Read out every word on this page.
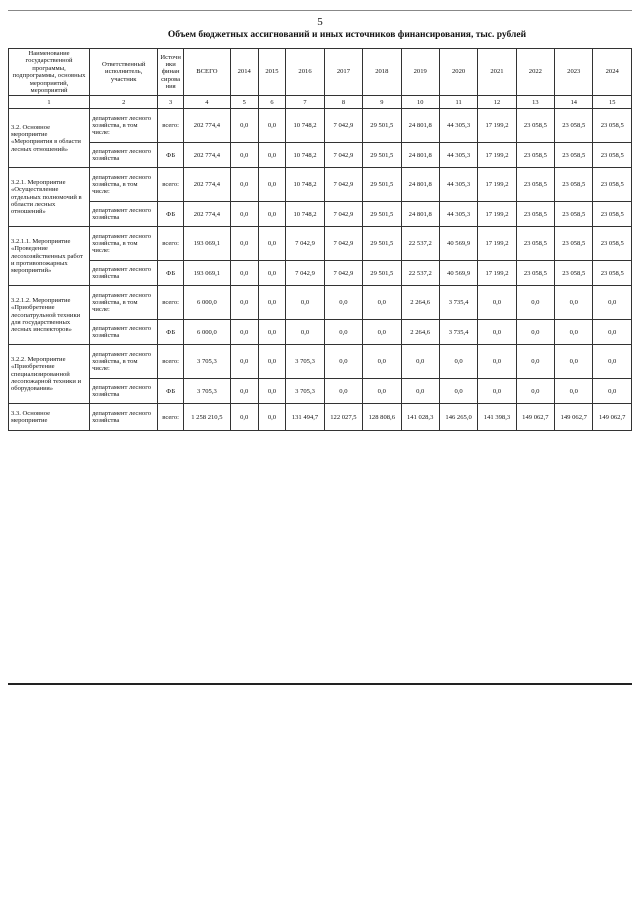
5
Объем бюджетных ассигнований и иных источников финансирования, тыс. рублей
Наименование государственной программы, подпрограммы, основных мероприятий, мероприятий	Ответственный исполнитель, участник	Источники финансирования	ВСЕГО	2014	2015	2016	2017	2018	2019	2020	2021	2022	2023	2024
1	2	3	4	5	6	7	8	9	10	11	12	13	14	15
3.2. Основное мероприятие «Мероприятия в области лесных отношений»	департамент лесного хозяйства, в том числе:	всего:	202 774,4	0,0	0,0	10 748,2	7 042,9	29 501,5	24 801,8	44 305,3	17 199,2	23 058,5	23 058,5	23 058,5
	департамент лесного хозяйства	ФБ	202 774,4	0,0	0,0	10 748,2	7 042,9	29 501,5	24 801,8	44 305,3	17 199,2	23 058,5	23 058,5	23 058,5
3.2.1. Мероприятие «Осуществление отдельных полномочий в области лесных отношений»	департамент лесного хозяйства, в том числе:	всего:	202 774,4	0,0	0,0	10 748,2	7 042,9	29 501,5	24 801,8	44 305,3	17 199,2	23 058,5	23 058,5	23 058,5
	департамент лесного хозяйства	ФБ	202 774,4	0,0	0,0	10 748,2	7 042,9	29 501,5	24 801,8	44 305,3	17 199,2	23 058,5	23 058,5	23 058,5
3.2.1.1. Мероприятие «Проведение лесохозяйственных работ и противопожарных мероприятий»	департамент лесного хозяйства, в том числе:	всего:	193 069,1	0,0	0,0	7 042,9	7 042,9	29 501,5	22 537,2	40 569,9	17 199,2	23 058,5	23 058,5	23 058,5
	департамент лесного хозяйства	ФБ	193 069,1	0,0	0,0	7 042,9	7 042,9	29 501,5	22 537,2	40 569,9	17 199,2	23 058,5	23 058,5	23 058,5
3.2.1.2. Мероприятие «Приобретение лесопатрульной техники для государственных лесных инспекторов»	департамент лесного хозяйства, в том числе:	всего:	6 000,0	0,0	0,0	0,0	0,0	0,0	2 264,6	3 735,4	0,0	0,0	0,0	0,0
	департамент лесного хозяйства	ФБ	6 000,0	0,0	0,0	0,0	0,0	0,0	2 264,6	3 735,4	0,0	0,0	0,0	0,0
3.2.2. Мероприятие «Приобретение специализированной лесопожарной техники и оборудования»	департамент лесного хозяйства, в том числе:	всего:	3 705,3	0,0	0,0	3 705,3	0,0	0,0	0,0	0,0	0,0	0,0	0,0	0,0
	департамент лесного хозяйства	ФБ	3 705,3	0,0	0,0	3 705,3	0,0	0,0	0,0	0,0	0,0	0,0	0,0	0,0
3.3. Основное мероприятие	департамент лесного хозяйства	всего:	1 258 210,5	0,0	0,0	131 494,7	122 027,5	128 808,6	141 028,3	146 265,0	141 398,3	149 062,7	149 062,7	149 062,7
